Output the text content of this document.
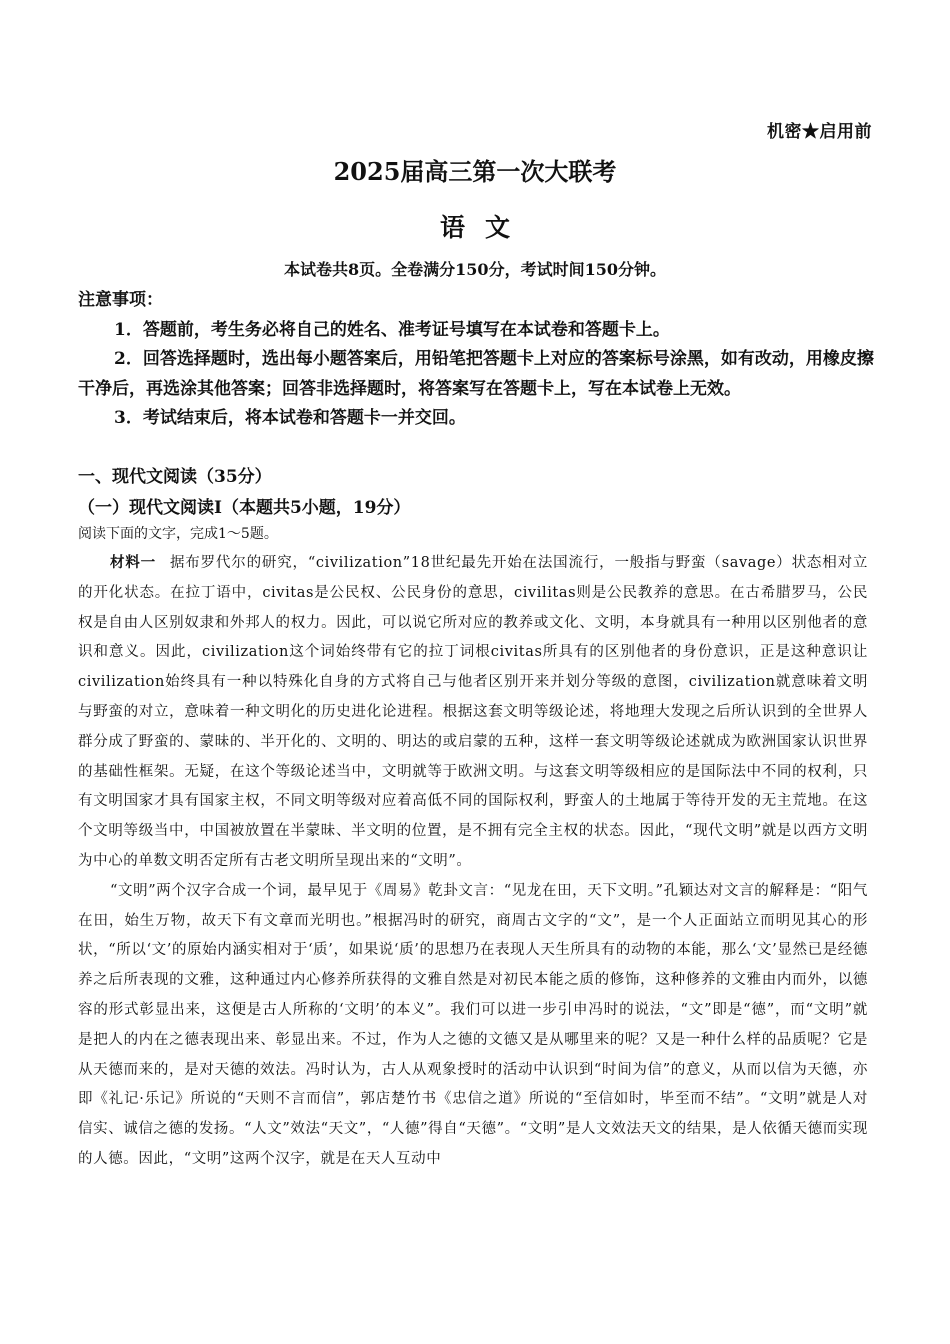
机密★启用前
2025届高三第一次大联考
语文
本试卷共8页。全卷满分150分，考试时间150分钟。

注意事项：

1．答题前，考生务必将自己的姓名、准考证号填写在本试卷和答题卡上。

2．回答选择题时，选出每小题答案后，用铅笔把答题卡上对应的答案标号涂黑，如有改动，用橡皮擦干净后，再选涂其他答案；回答非选择题时，将答案写在答题卡上，写在本试卷上无效。

3．考试结束后，将本试卷和答题卡一并交回。

一、现代文阅读（35分）
（一）现代文阅读Ⅰ（本题共5小题，19分）
阅读下面的文字，完成1～5题。

材料一 据布罗代尔的研究，“civilization”18世纪最先开始在法国流行，一般指与野蛮（savage）状态相对立的开化状态。在拉丁语中，civitas是公民权、公民身份的意思，civilitas则是公民教养的意思。在古希腊罗马，公民权是自由人区别奴隶和外邦人的权力。因此，可以说它所对应的教养或文化、文明，本身就具有一种用以区别他者的意识和意义。因此，civilization这个词始终带有它的拉丁词根civitas所具有的区别他者的身份意识，正是这种意识让civilization始终具有一种以特殊化自身的方式将自己与他者区别开来并划分等级的意图，civilization就意味着文明与野蛮的对立，意味着一种文明化的历史进化论进程。根据这套文明等级论述，将地理大发现之后所认识到的全世界人群分成了野蛮的、蒙昧的、半开化的、文明的、明达的或启蒙的五种，这样一套文明等级论述就成为欧洲国家认识世界的基础性框架。无疑，在这个等级论述当中，文明就等于欧洲文明。与这套文明等级相应的是国际法中不同的权利，只有文明国家才具有国家主权，不同文明等级对应着高低不同的国际权利，野蛮人的土地属于等待开发的无主荒地。在这个文明等级当中，中国被放置在半蒙昧、半文明的位置，是不拥有完全主权的状态。因此，“现代文明”就是以西方文明为中心的单数文明否定所有古老文明所呈现出来的“文明”。

“文明”两个汉字合成一个词，最早见于《周易》乾卦文言：“见龙在田，天下文明。”孔颖达对文言的解释是：“阳气在田，始生万物，故天下有文章而光明也。”根据冯时的研究，商周古文字的“文”，是一个人正面站立而明见其心的形状，“所以‘文’的原始内涵实相对于‘质’，如果说‘质’的思想乃在表现人天生所具有的动物的本能，那么‘文’显然已是经德养之后所表现的文雅，这种通过内心修养所获得的文雅自然是对初民本能之质的修饰，这种修养的文雅由内而外，以德容的形式彰显出来，这便是古人所称的‘文明’的本义”。我们可以进一步引申冯时的说法，“文”即是“德”，而“文明”就是把人的内在之德表现出来、彰显出来。不过，作为人之德的文德又是从哪里来的呢？又是一种什么样的品质呢？它是从天德而来的，是对天德的效法。冯时认为，古人从观象授时的活动中认识到“时间为信”的意义，从而以信为天德，亦即《礼记·乐记》所说的“天则不言而信”，郭店楚竹书《忠信之道》所说的“至信如时，毕至而不结”。“文明”就是人对信实、诚信之德的发扬。“人文”效法“天文”，“人德”得自“天德”。“文明”是人文效法天文的结果，是人依循天德而实现的人德。因此，“文明”这两个汉字，就是在天人互动中
